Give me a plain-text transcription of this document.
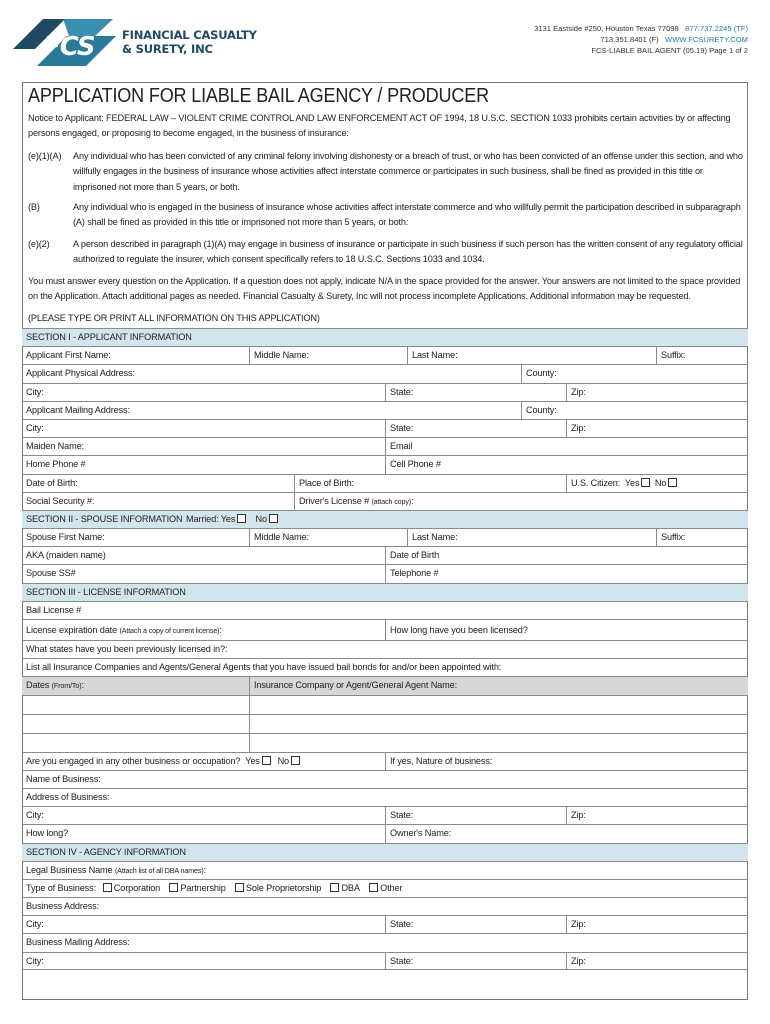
FCS FINANCIAL CASUALTY
& SURETY, INC
3131 Eastside #250, Houston Texas 77098 877.737.2245 (TF)
713.351.8401 (F) WWW.FCSURETY.COM
FCS-LIABLE BAIL AGENT (05.19) Page 1 of 2
APPLICATION FOR LIABLE BAIL AGENCY / PRODUCER
Notice to Applicant: FEDERAL LAW – VIOLENT CRIME CONTROL AND LAW ENFORCEMENT ACT OF 1994, 18 U.S.C. SECTION 1033 prohibits certain activities by or affecting persons engaged, or proposing to become engaged, in the business of insurance:
(e)(1)(A)	Any individual who has been convicted of any criminal felony involving dishonesty or a breach of trust, or who has been convicted of an offense under this section, and who willfully engages in the business of insurance whose activities affect interstate commerce or participates in such business, shall be fined as provided in this title or imprisoned not more than 5 years, or both.
(B)	Any individual who is engaged in the business of insurance whose activities affect interstate commerce and who willfully permit the participation described in subparagraph (A) shall be fined as provided in this title or imprisoned not more than 5 years, or both:
(e)(2)	A person described in paragraph (1)(A) may engage in business of insurance or participate in such business if such person has the written consent of any regulatory official authorized to regulate the insurer, which consent specifically refers to 18 U.S.C. Sections 1033 and 1034.
You must answer every question on the Application. If a question does not apply, indicate N/A in the space provided for the answer. Your answers are not limited to the space provided on the Application. Attach additional pages as needed. Financial Casualty & Surety, Inc will not process incomplete Applications. Additional information may be requested.
(PLEASE TYPE OR PRINT ALL INFORMATION ON THIS APPLICATION)
SECTION I - APPLICANT INFORMATION
Applicant First Name:	Middle Name:	Last Name:	Suffix:
Applicant Physical Address:	County:
City:	State:	Zip:
Applicant Mailing Address:	County:
City:	State:	Zip:
Maiden Name:	Email
Home Phone #	Cell Phone #
Date of Birth:	Place of Birth:	U.S. Citizen: Yes No
Social Security #:	Driver's License # (attach copy):
SECTION II - SPOUSE INFORMATION Married: Yes No
Spouse First Name:	Middle Name:	Last Name:	Suffix:
AKA (maiden name)	Date of Birth
Spouse SS#	Telephone #
SECTION III - LICENSE INFORMATION
Bail License #
License expiration date (Attach a copy of current license):	How long have you been licensed?
What states have you been previously licensed in?:
List all Insurance Companies and Agents/General Agents that you have issued bail bonds for and/or been appointed with:
Dates (From/To):	Insurance Company or Agent/General Agent Name:
Are you engaged in any other business or occupation? Yes No	If yes, Nature of business:
Name of Business:
Address of Business:
City:	State:	Zip:
How long?	Owner's Name:
SECTION IV - AGENCY INFORMATION
Legal Business Name (Attach list of all DBA names):
Type of Business: Corporation Partnership Sole Proprietorship DBA Other
Business Address:
City:	State:	Zip:
Business Mailing Address:
City:	State:	Zip:
